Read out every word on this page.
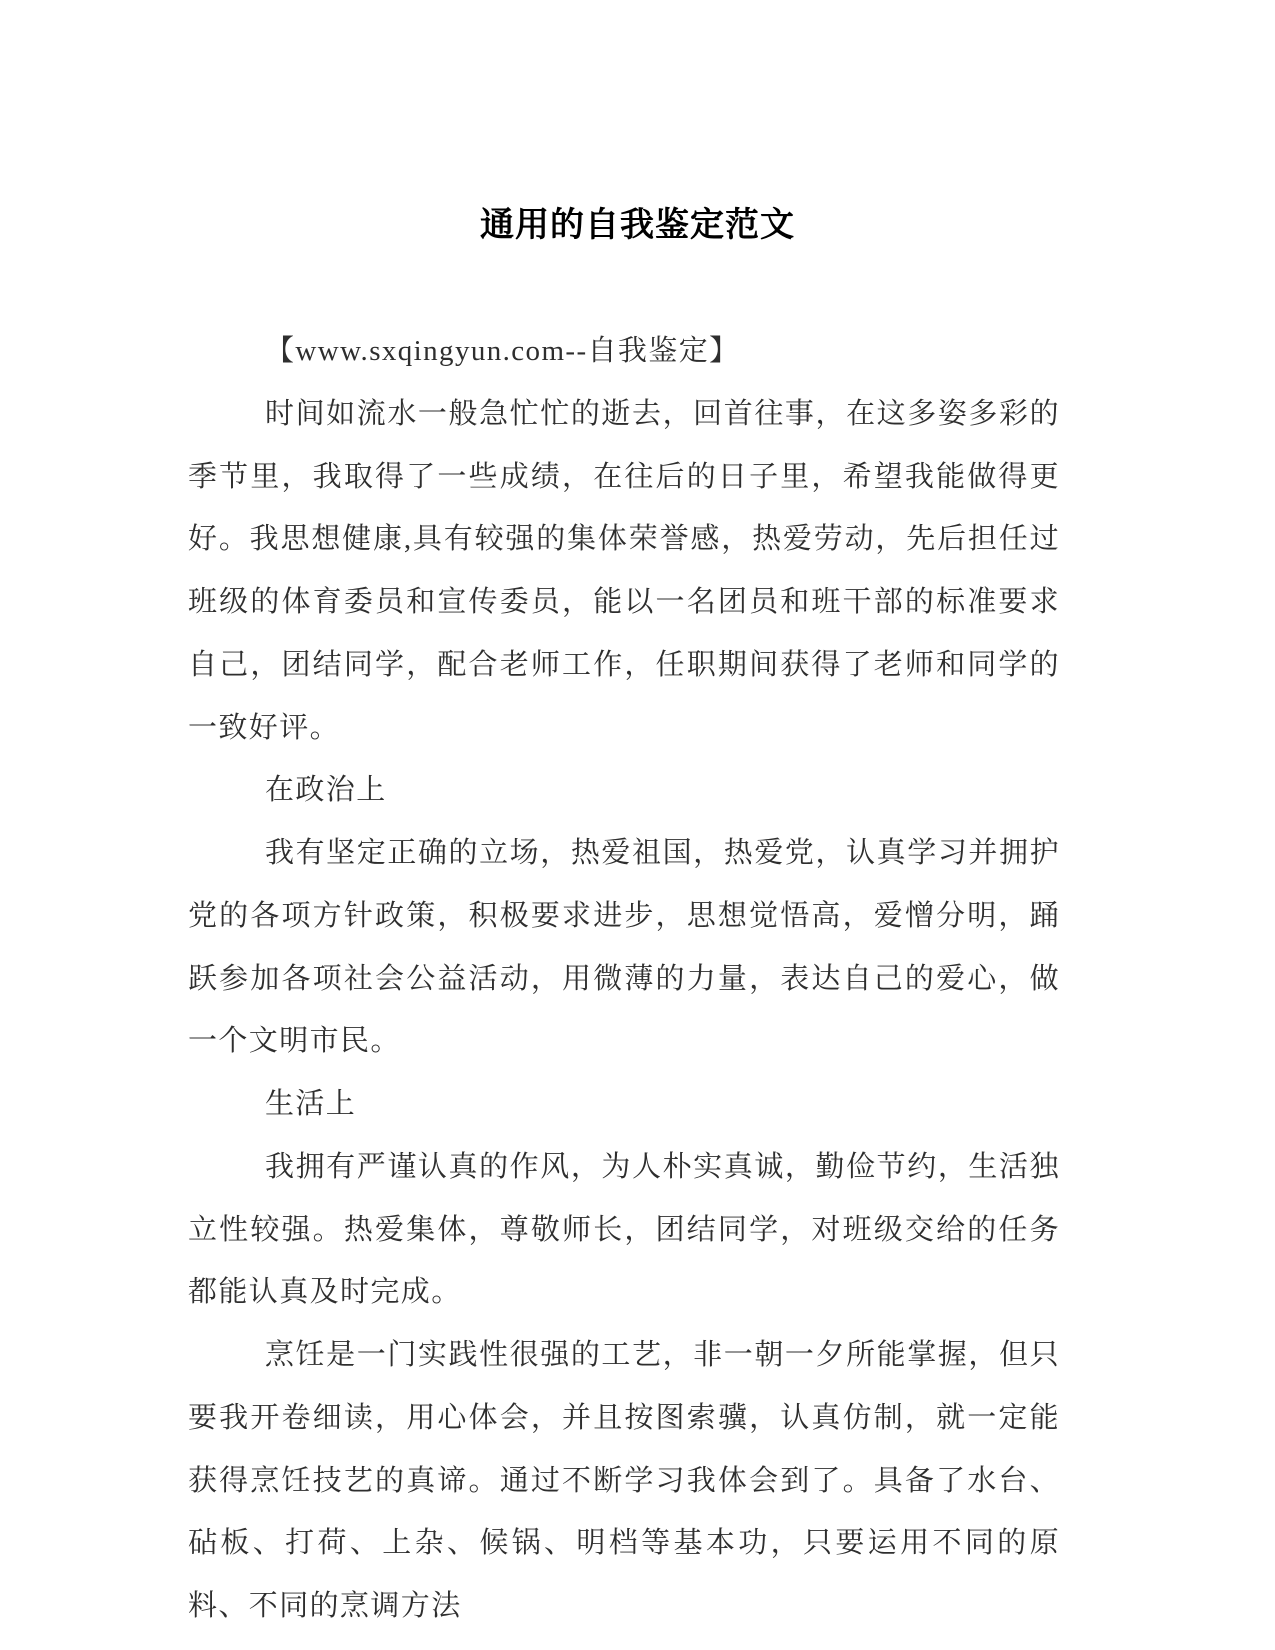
通用的自我鉴定范文

【www.sxqingyun.com--自我鉴定】

时间如流水一般急忙忙的逝去，回首往事，在这多姿多彩的季节里，我取得了一些成绩，在往后的日子里，希望我能做得更好。我思想健康,具有较强的集体荣誉感，热爱劳动，先后担任过班级的体育委员和宣传委员，能以一名团员和班干部的标准要求自己，团结同学，配合老师工作，任职期间获得了老师和同学的一致好评。

在政治上

我有坚定正确的立场，热爱祖国，热爱党，认真学习并拥护党的各项方针政策，积极要求进步，思想觉悟高，爱憎分明，踊跃参加各项社会公益活动，用微薄的力量，表达自己的爱心，做一个文明市民。

生活上

我拥有严谨认真的作风，为人朴实真诚，勤俭节约，生活独立性较强。热爱集体，尊敬师长，团结同学，对班级交给的任务都能认真及时完成。

烹饪是一门实践性很强的工艺，非一朝一夕所能掌握，但只要我开卷细读，用心体会，并且按图索骥，认真仿制，就一定能获得烹饪技艺的真谛。通过不断学习我体会到了。具备了水台、砧板、打荷、上杂、候锅、明档等基本功，只要运用不同的原料、不同的烹调方法
